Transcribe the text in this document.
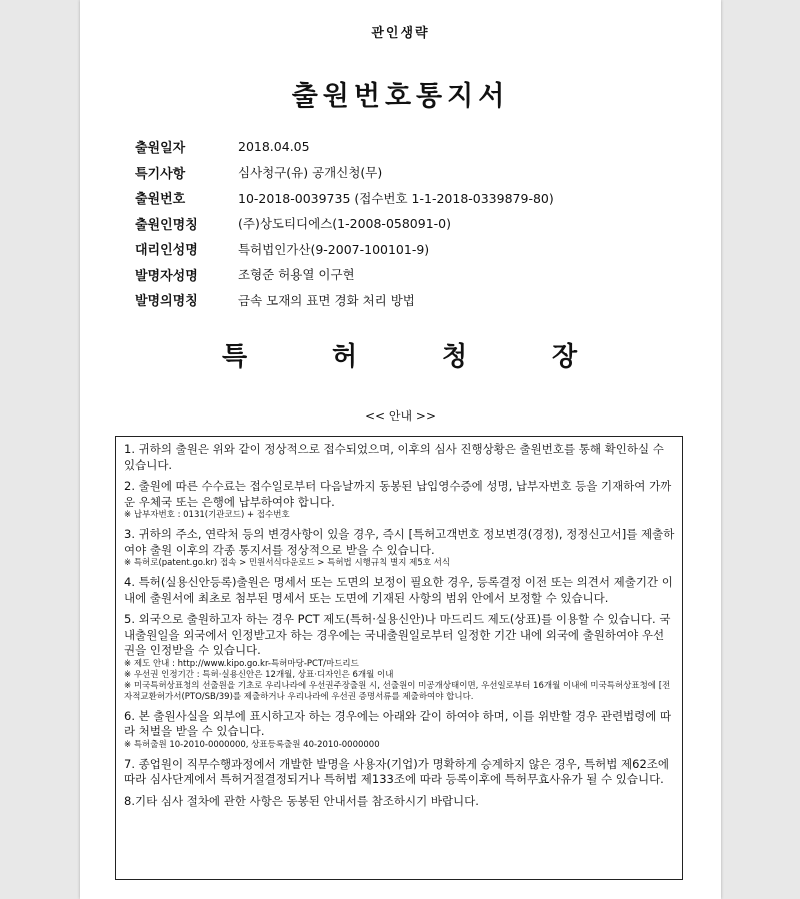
관인생략
출원번호통지서
출원일자	2018.04.05
특기사항	심사청구(유) 공개신청(무)
출원번호	10-2018-0039735 (접수번호 1-1-2018-0339879-80)
출원인명칭	(주)상도티디에스(1-2008-058091-0)
대리인성명	특허법인가산(9-2007-100101-9)
발명자성명	조형준 허용열 이구현
발명의명칭	금속 모재의 표면 경화 처리 방법
특	허	청	장
<< 안내 >>
1. 귀하의 출원은 위와 같이 정상적으로 접수되었으며, 이후의 심사 진행상황은 출원번호를 통해 확인하실 수 있습니다.
2. 출원에 따른 수수료는 접수일로부터 다음날까지 동봉된 납입영수증에 성명, 납부자번호 등을 기재하여 가까운 우체국 또는 은행에 납부하여야 합니다.
※ 납부자번호 : 0131(기관코드) + 접수번호
3. 귀하의 주소, 연락처 등의 변경사항이 있을 경우, 즉시 [특허고객번호 정보변경(경정), 정정신고서]를 제출하여야 출원 이후의 각종 통지서를 정상적으로 받을 수 있습니다.
※ 특허로(patent.go.kr) 접속 > 민원서식다운로드 > 특허법 시행규칙 별지 제5호 서식
4. 특허(실용신안등록)출원은 명세서 또는 도면의 보정이 필요한 경우, 등록결정 이전 또는 의견서 제출기간 이내에 출원서에 최초로 첨부된 명세서 또는 도면에 기재된 사항의 범위 안에서 보정할 수 있습니다.
5. 외국으로 출원하고자 하는 경우 PCT 제도(특허·실용신안)나 마드리드 제도(상표)를 이용할 수 있습니다. 국내출원일을 외국에서 인정받고자 하는 경우에는 국내출원일로부터 일정한 기간 내에 외국에 출원하여야 우선권을 인정받을 수 있습니다.
※ 제도 안내 : http://www.kipo.go.kr-특허마당-PCT/마드리드
※ 우선권 인정기간 : 특허·실용신안은 12개월, 상표·디자인은 6개월 이내
※ 미국특허상표청의 선출원을 기초로 우리나라에 우선권주장출원 시, 선출원이 미공개상태이면, 우선일로부터 16개월 이내에 미국특허상표청에 [전자적교환허가서(PTO/SB/39)를 제출하거나 우리나라에 우선권 증명서류를 제출하여야 합니다.
6. 본 출원사실을 외부에 표시하고자 하는 경우에는 아래와 같이 하여야 하며, 이를 위반할 경우 관련법령에 따라 처벌을 받을 수 있습니다.
※ 특허출원 10-2010-0000000, 상표등록출원 40-2010-0000000
7. 종업원이 직무수행과정에서 개발한 발명을 사용자(기업)가 명확하게 승계하지 않은 경우, 특허법 제62조에 따라 심사단계에서 특허거절결정되거나 특허법 제133조에 따라 등록이후에 특허무효사유가 될 수 있습니다.
8.기타 심사 절차에 관한 사항은 동봉된 안내서를 참조하시기 바랍니다.
